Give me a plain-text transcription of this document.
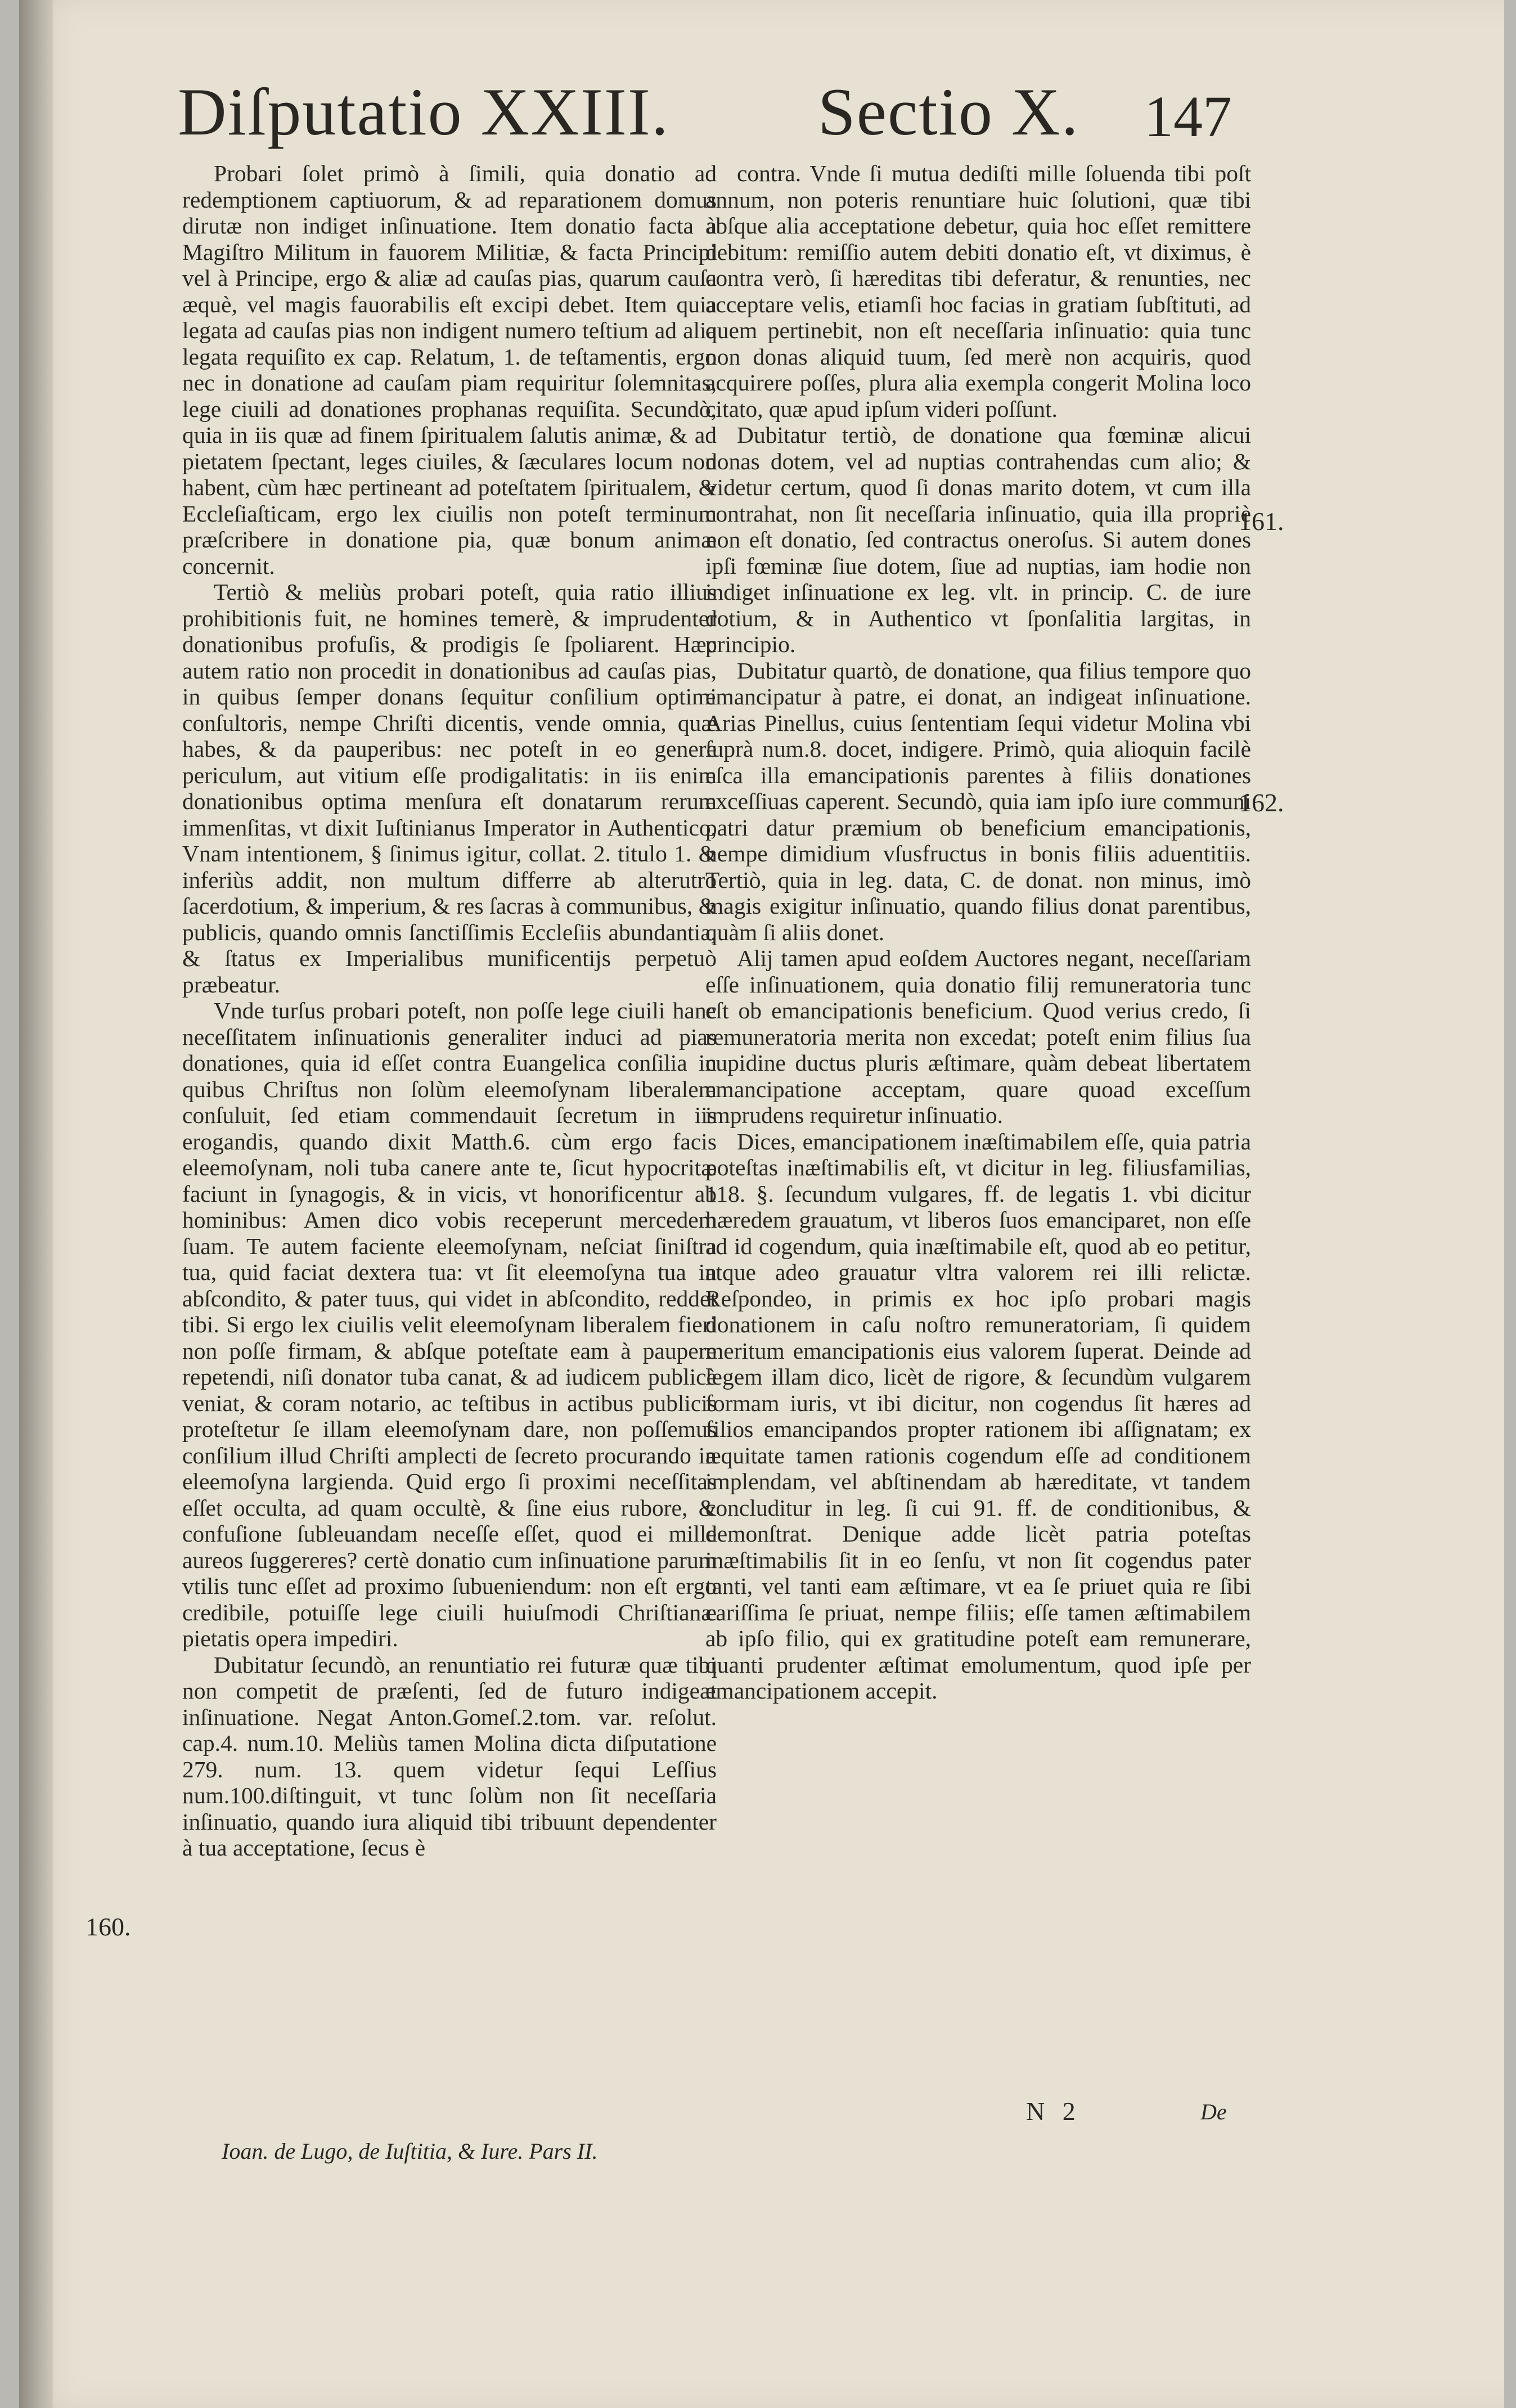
Diſputatio XXIII. Sectio X. 147
160.
161.
162.

Probari ſolet primò à ſimili, quia donatio ad redemptionem captiuorum, & ad reparationem domus dirutæ non indiget inſinuatione. Item donatio facta à Magiſtro Militum in fauorem Militiæ, & facta Principi vel à Principe, ergo & aliæ ad cauſas pias, quarum cauſa æquè, vel magis fauorabilis eſt excipi debet. Item quia legata ad cauſas pias non indigent numero teſtium ad alia legata requiſito ex cap. Relatum, 1. de teſtamentis, ergo nec in donatione ad cauſam piam requiritur ſolemnitas, lege ciuili ad donationes prophanas requiſita. Secundò, quia in iis quæ ad finem ſpiritualem ſalutis animæ, & ad pietatem ſpectant, leges ciuiles, & ſæculares locum non habent, cùm hæc pertineant ad poteſtatem ſpiritualem, & Eccleſiaſticam, ergo lex ciuilis non poteſt terminum præſcribere in donatione pia, quæ bonum animæ concernit.

Tertiò & meliùs probari poteſt, quia ratio illius prohibitionis fuit, ne homines temerè, & imprudenter donationibus profuſis, & prodigis ſe ſpoliarent. Hæc autem ratio non procedit in donationibus ad cauſas pias, in quibus ſemper donans ſequitur conſilium optimi conſultoris, nempe Chriſti dicentis, vende omnia, quæ habes, & da pauperibus: nec poteſt in eo genere periculum, aut vitium eſſe prodigalitatis: in iis enim donationibus optima menſura eſt donatarum rerum immenſitas, vt dixit Iuſtinianus Imperator in Authentico, Vnam intentionem, § ſinimus igitur, collat. 2. titulo 1. & inferiùs addit, non multum differre ab alterutro ſacerdotium, & imperium, & res ſacras à communibus, & publicis, quando omnis ſanctiſſimis Eccleſiis abundantia, & ſtatus ex Imperialibus munificentijs perpetuò præbeatur.

Vnde turſus probari poteſt, non poſſe lege ciuili hanc neceſſitatem inſinuationis generaliter induci ad pias donationes, quia id eſſet contra Euangelica conſilia in quibus Chriſtus non ſolùm eleemoſynam liberalem conſuluit, ſed etiam commendauit ſecretum in iis erogandis, quando dixit Matth.6. cùm ergo facis eleemoſynam, noli tuba canere ante te, ſicut hypocritæ faciunt in ſynagogis, & in vicis, vt honorificentur ab hominibus: Amen dico vobis receperunt mercedem ſuam. Te autem faciente eleemoſynam, neſciat ſiniſtra tua, quid faciat dextera tua: vt ſit eleemoſyna tua in abſcondito, & pater tuus, qui videt in abſcondito, reddet tibi. Si ergo lex ciuilis velit eleemoſynam liberalem fieri non poſſe firmam, & abſque poteſtate eam à paupere repetendi, niſi donator tuba canat, & ad iudicem publicè veniat, & coram notario, ac teſtibus in actibus publicis proteſtetur ſe illam eleemoſynam dare, non poſſemus conſilium illud Chriſti amplecti de ſecreto procurando in eleemoſyna largienda. Quid ergo ſi proximi neceſſitas eſſet occulta, ad quam occultè, & ſine eius rubore, & confuſione ſubleuandam neceſſe eſſet, quod ei mille aureos ſuggereres? certè donatio cum inſinuatione parum vtilis tunc eſſet ad proximo ſubueniendum: non eſt ergo credibile, potuiſſe lege ciuili huiuſmodi Chriſtianæ pietatis opera impediri.

Dubitatur ſecundò, an renuntiatio rei futuræ quæ tibi non competit de præſenti, ſed de futuro indigeat inſinuatione. Negat Anton.Gomeſ.2.tom. var. reſolut. cap.4. num.10. Meliùs tamen Molina dicta diſputatione 279. num. 13. quem videtur ſequi Leſſius num.100.diſtinguit, vt tunc ſolùm non ſit neceſſaria inſinuatio, quando iura aliquid tibi tribuunt dependenter à tua acceptatione, ſecus è

contra. Vnde ſi mutua dediſti mille ſoluenda tibi poſt annum, non poteris renuntiare huic ſolutioni, quæ tibi abſque alia acceptatione debetur, quia hoc eſſet remittere debitum: remiſſio autem debiti donatio eſt, vt diximus, è contra verò, ſi hæreditas tibi deferatur, & renunties, nec acceptare velis, etiamſi hoc facias in gratiam ſubſtituti, ad quem pertinebit, non eſt neceſſaria inſinuatio: quia tunc non donas aliquid tuum, ſed merè non acquiris, quod acquirere poſſes, plura alia exempla congerit Molina loco citato, quæ apud ipſum videri poſſunt.

Dubitatur tertiò, de donatione qua fœminæ alicui donas dotem, vel ad nuptias contrahendas cum alio; & videtur certum, quod ſi donas marito dotem, vt cum illa contrahat, non ſit neceſſaria inſinuatio, quia illa propriè non eſt donatio, ſed contractus oneroſus. Si autem dones ipſi fœminæ ſiue dotem, ſiue ad nuptias, iam hodie non indiget inſinuatione ex leg. vlt. in princip. C. de iure dotium, & in Authentico vt ſponſalitia largitas, in principio.

Dubitatur quartò, de donatione, qua filius tempore quo emancipatur à patre, ei donat, an indigeat inſinuatione. Arias Pinellus, cuius ſententiam ſequi videtur Molina vbi ſuprà num.8. docet, indigere. Primò, quia alioquin facilè eſca illa emancipationis parentes à filiis donationes exceſſiuas caperent. Secundò, quia iam ipſo iure communi patri datur præmium ob beneficium emancipationis, nempe dimidium vſusfructus in bonis filiis aduentitiis. Tertiò, quia in leg. data, C. de donat. non minus, imò magis exigitur inſinuatio, quando filius donat parentibus, quàm ſi aliis donet.

Alij tamen apud eoſdem Auctores negant, neceſſariam eſſe inſinuationem, quia donatio filij remuneratoria tunc eſt ob emancipationis beneficium. Quod verius credo, ſi remuneratoria merita non excedat; poteſt enim filius ſua cupidine ductus pluris æſtimare, quàm debeat libertatem emancipatione acceptam, quare quoad exceſſum imprudens requiretur inſinuatio.

Dices, emancipationem inæſtimabilem eſſe, quia patria poteſtas inæſtimabilis eſt, vt dicitur in leg. filiusfamilias, 118. §. ſecundum vulgares, ff. de legatis 1. vbi dicitur hæredem grauatum, vt liberos ſuos emanciparet, non eſſe ad id cogendum, quia inæſtimabile eſt, quod ab eo petitur, atque adeo grauatur vltra valorem rei illi relictæ. Reſpondeo, in primis ex hoc ipſo probari magis donationem in caſu noſtro remuneratoriam, ſi quidem meritum emancipationis eius valorem ſuperat. Deinde ad legem illam dico, licèt de rigore, & ſecundùm vulgarem formam iuris, vt ibi dicitur, non cogendus ſit hæres ad filios emancipandos propter rationem ibi aſſignatam; ex æquitate tamen rationis cogendum eſſe ad conditionem implendam, vel abſtinendam ab hæreditate, vt tandem concluditur in leg. ſi cui 91. ff. de conditionibus, & demonſtrat. Denique adde licèt patria poteſtas inæſtimabilis ſit in eo ſenſu, vt non ſit cogendus pater tanti, vel tanti eam æſtimare, vt ea ſe priuet quia re ſibi cariſſima ſe priuat, nempe filiis; eſſe tamen æſtimabilem ab ipſo filio, qui ex gratitudine poteſt eam remunerare, quanti prudenter æſtimat emolumentum, quod ipſe per emancipationem accepit.

Ioan. de Lugo, de Iuſtitia, & Iure. Pars II.
N 2	De
